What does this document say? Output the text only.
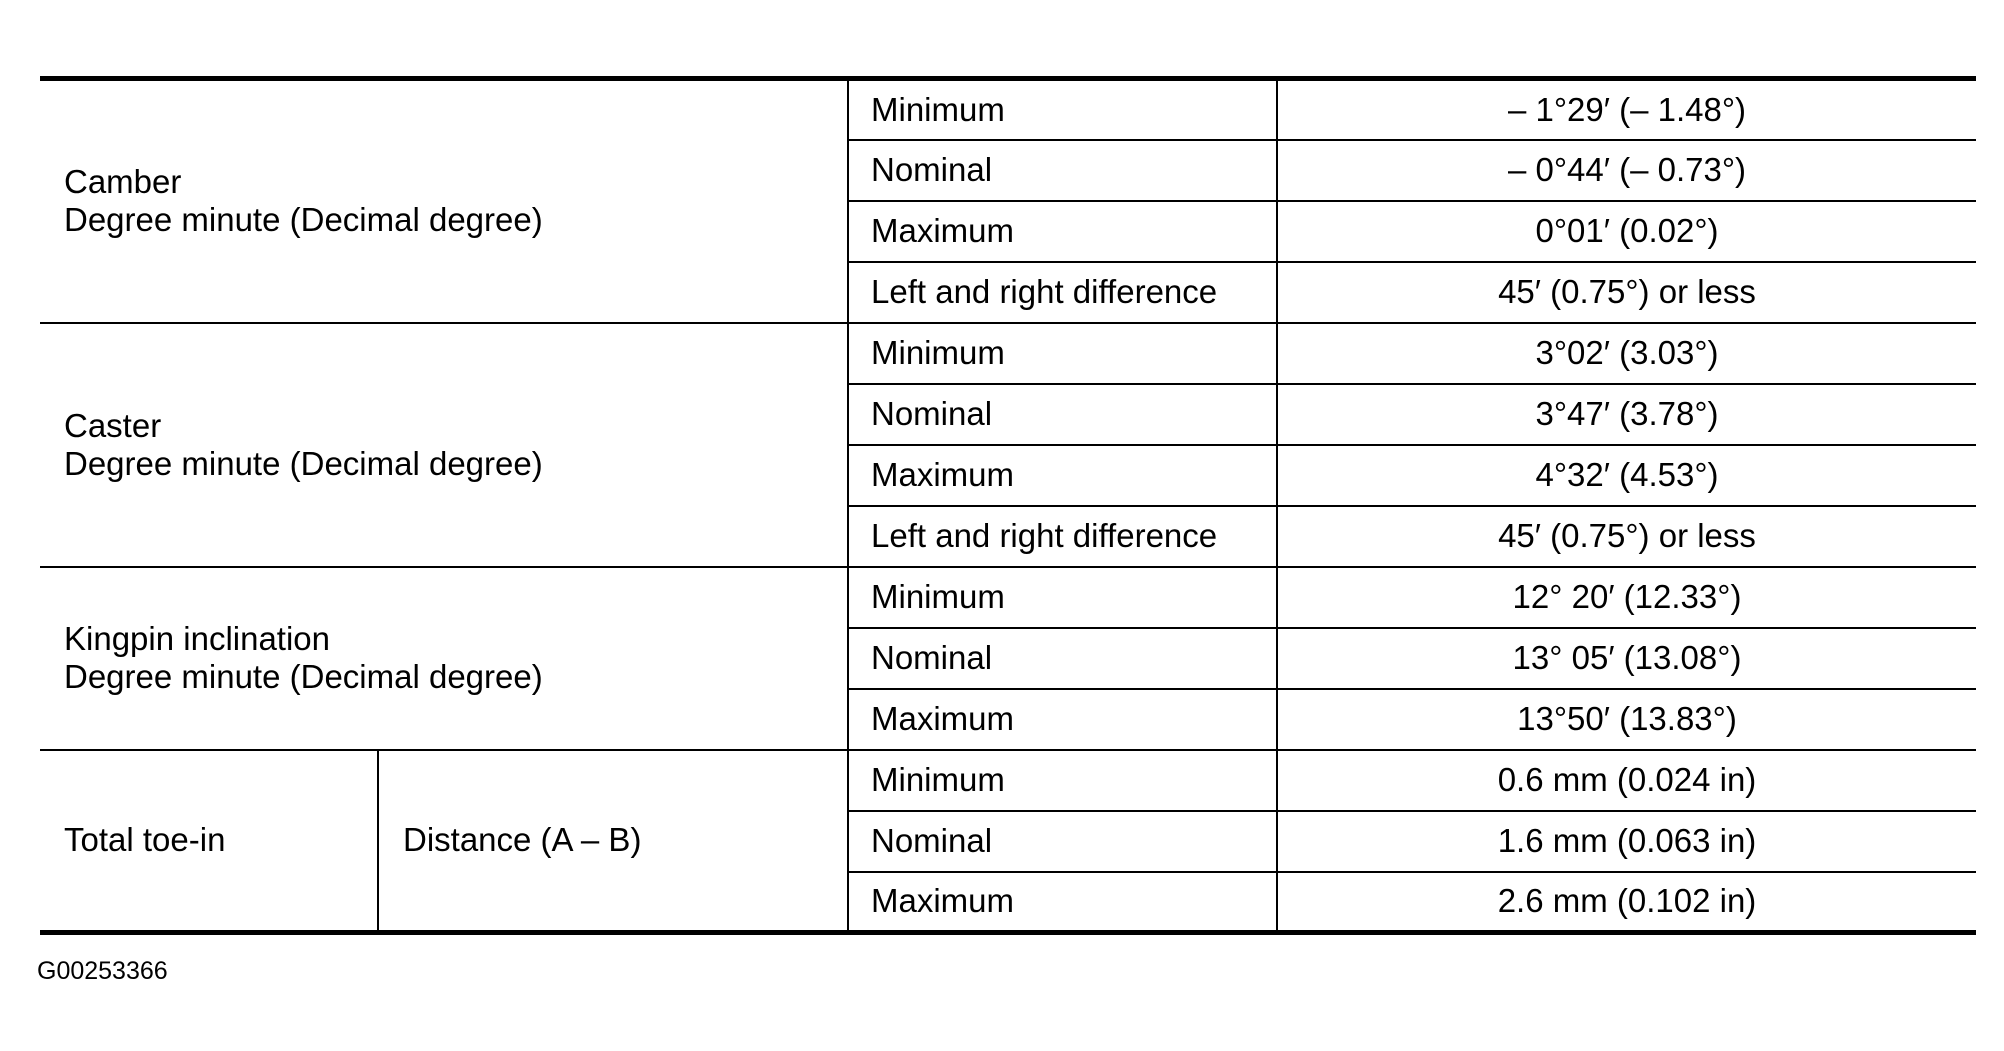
Camber
Degree minute (Decimal degree)		Minimum	– 1°29′ (– 1.48°)
		Nominal	– 0°44′ (– 0.73°)
		Maximum	0°01′ (0.02°)
		Left and right difference	45′ (0.75°) or less

Caster
Degree minute (Decimal degree)		Minimum	3°02′ (3.03°)
		Nominal	3°47′ (3.78°)
		Maximum	4°32′ (4.53°)
		Left and right difference	45′ (0.75°) or less

Kingpin inclination
Degree minute (Decimal degree)		Minimum	12° 20′ (12.33°)
		Nominal	13° 05′ (13.08°)
		Maximum	13°50′ (13.83°)
Total toe-in	Distance (A – B)	Minimum	0.6 mm (0.024 in)
		Nominal	1.6 mm (0.063 in)
		Maximum	2.6 mm (0.102 in)
G00253366
